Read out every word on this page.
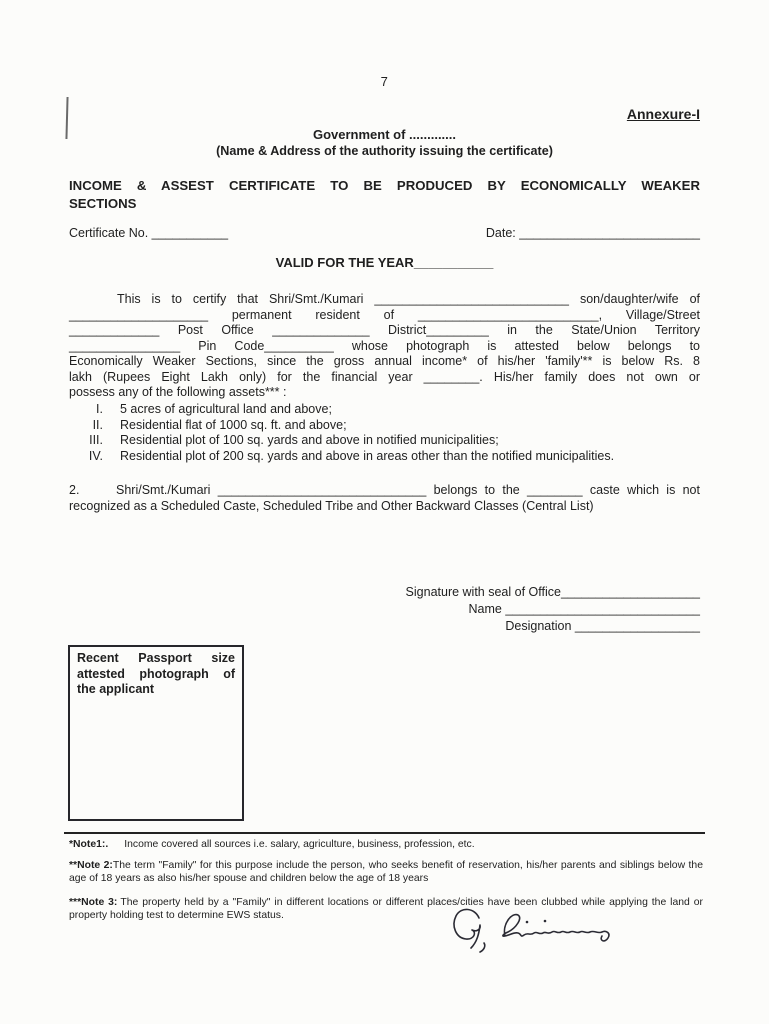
7
Annexure-I
Government of .............
(Name & Address of the authority issuing the certificate)
INCOME & ASSEST CERTIFICATE TO BE PRODUCED BY ECONOMICALLY WEAKER
SECTIONS
Certificate No. ___________	Date: __________________________
VALID FOR THE YEAR___________
This is to certify that Shri/Smt./Kumari ____________________________ son/daughter/wife of
____________________ permanent resident of __________________________, Village/Street
_____________ Post Office ______________ District_________ in the State/Union Territory
________________ Pin Code__________ whose photograph is attested below belongs to
Economically Weaker Sections, since the gross annual income* of his/her 'family'** is below Rs. 8
lakh (Rupees Eight Lakh only) for the financial year ________. His/her family does not own or
possess any of the following assets*** :
I. 5 acres of agricultural land and above;
II. Residential flat of 1000 sq. ft. and above;
III. Residential plot of 100 sq. yards and above in notified municipalities;
IV. Residential plot of 200 sq. yards and above in areas other than the notified municipalities.
2.	Shri/Smt./Kumari ______________________________ belongs to the ________ caste which is not
recognized as a Scheduled Caste, Scheduled Tribe and Other Backward Classes (Central List)
Signature with seal of Office____________________
Name ____________________________
Designation __________________
Recent Passport size attested photograph of the applicant
*Note1:. Income covered all sources i.e. salary, agriculture, business, profession, etc.
**Note 2:The term "Family" for this purpose include the person, who seeks benefit of reservation, his/her parents and siblings below the age of 18 years as also his/her spouse and children below the age of 18 years
***Note 3: The property held by a "Family" in different locations or different places/cities have been clubbed while applying the land or property holding test to determine EWS status.
